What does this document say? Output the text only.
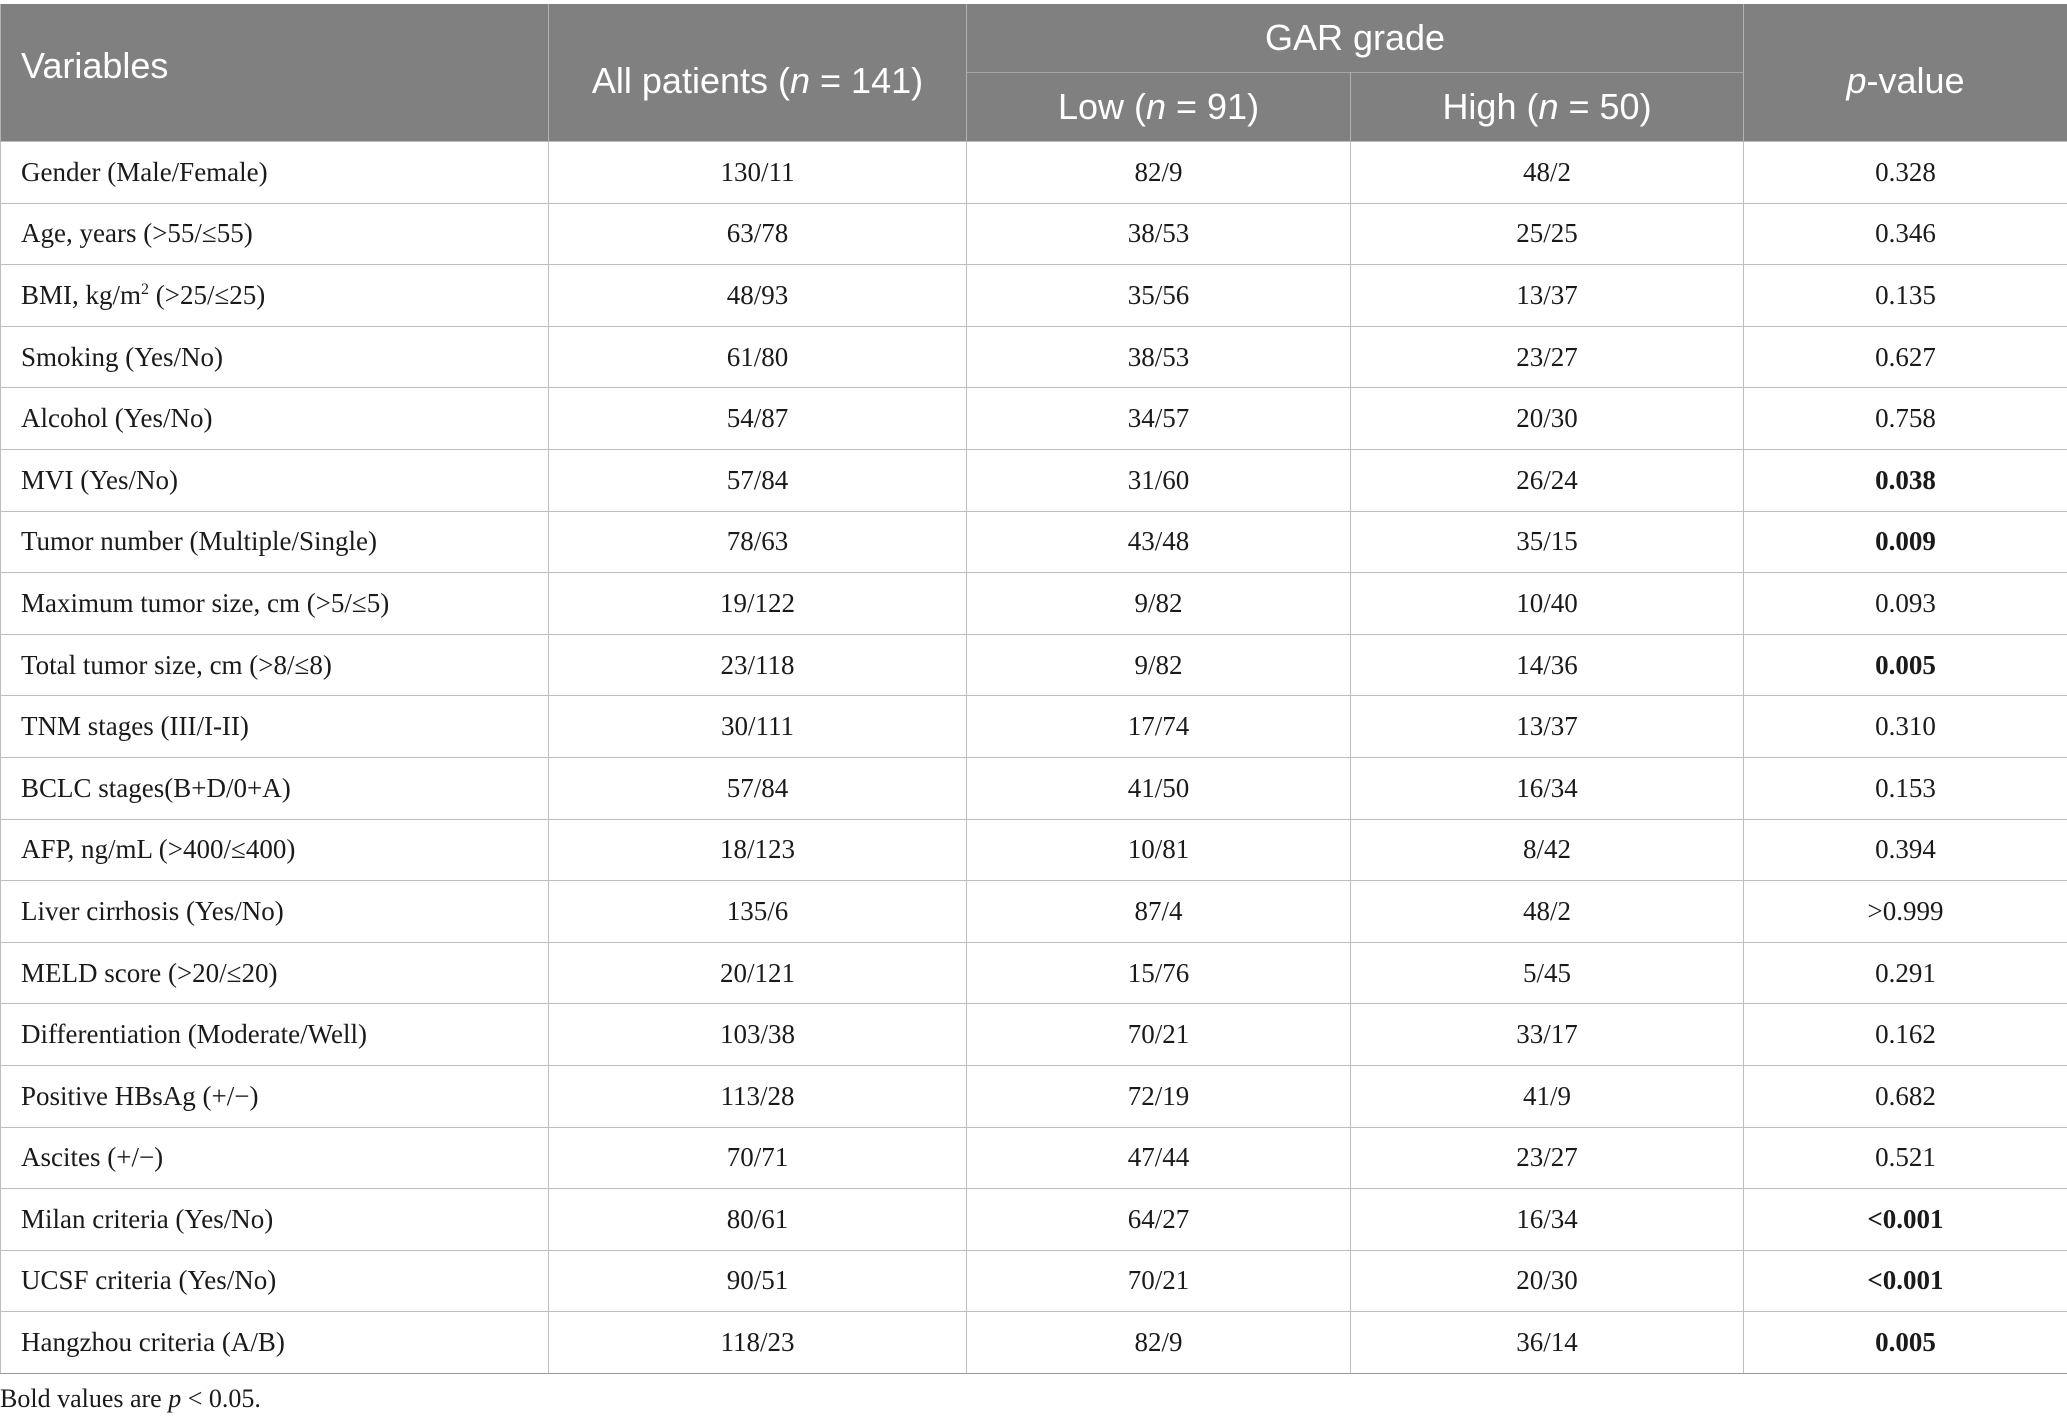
Variables	All patients (n = 141)	GAR grade		p-value
		Low (n = 91)	High (n = 50)	
Gender (Male/Female)	130/11	82/9	48/2	0.328
Age, years (>55/≤55)	63/78	38/53	25/25	0.346
BMI, $kg/m^2$ (>25/≤25)	48/93	35/56	13/37	0.135
Smoking (Yes/No)	61/80	38/53	23/27	0.627
Alcohol (Yes/No)	54/87	34/57	20/30	0.758
MVI (Yes/No)	57/84	31/60	26/24	0.038
Tumor number (Multiple/Single)	78/63	43/48	35/15	0.009
Maximum tumor size, cm (>5/≤5)	19/122	9/82	10/40	0.093
Total tumor size, cm (>8/≤8)	23/118	9/82	14/36	0.005
TNM stages (III/I-II)	30/111	17/74	13/37	0.310
BCLC stages(B+D/0+A)	57/84	41/50	16/34	0.153
AFP, ng/mL (>400/≤400)	18/123	10/81	8/42	0.394
Liver cirrhosis (Yes/No)	135/6	87/4	48/2	>0.999
MELD score (>20/≤20)	20/121	15/76	5/45	0.291
Differentiation (Moderate/Well)	103/38	70/21	33/17	0.162
Positive HBsAg (+/−)	113/28	72/19	41/9	0.682
Ascites (+/−)	70/71	47/44	23/27	0.521
Milan criteria (Yes/No)	80/61	64/27	16/34	<0.001
UCSF criteria (Yes/No)	90/51	70/21	20/30	<0.001
Hangzhou criteria (A/B)	118/23	82/9	36/14	0.005
Bold values are p < 0.05.
